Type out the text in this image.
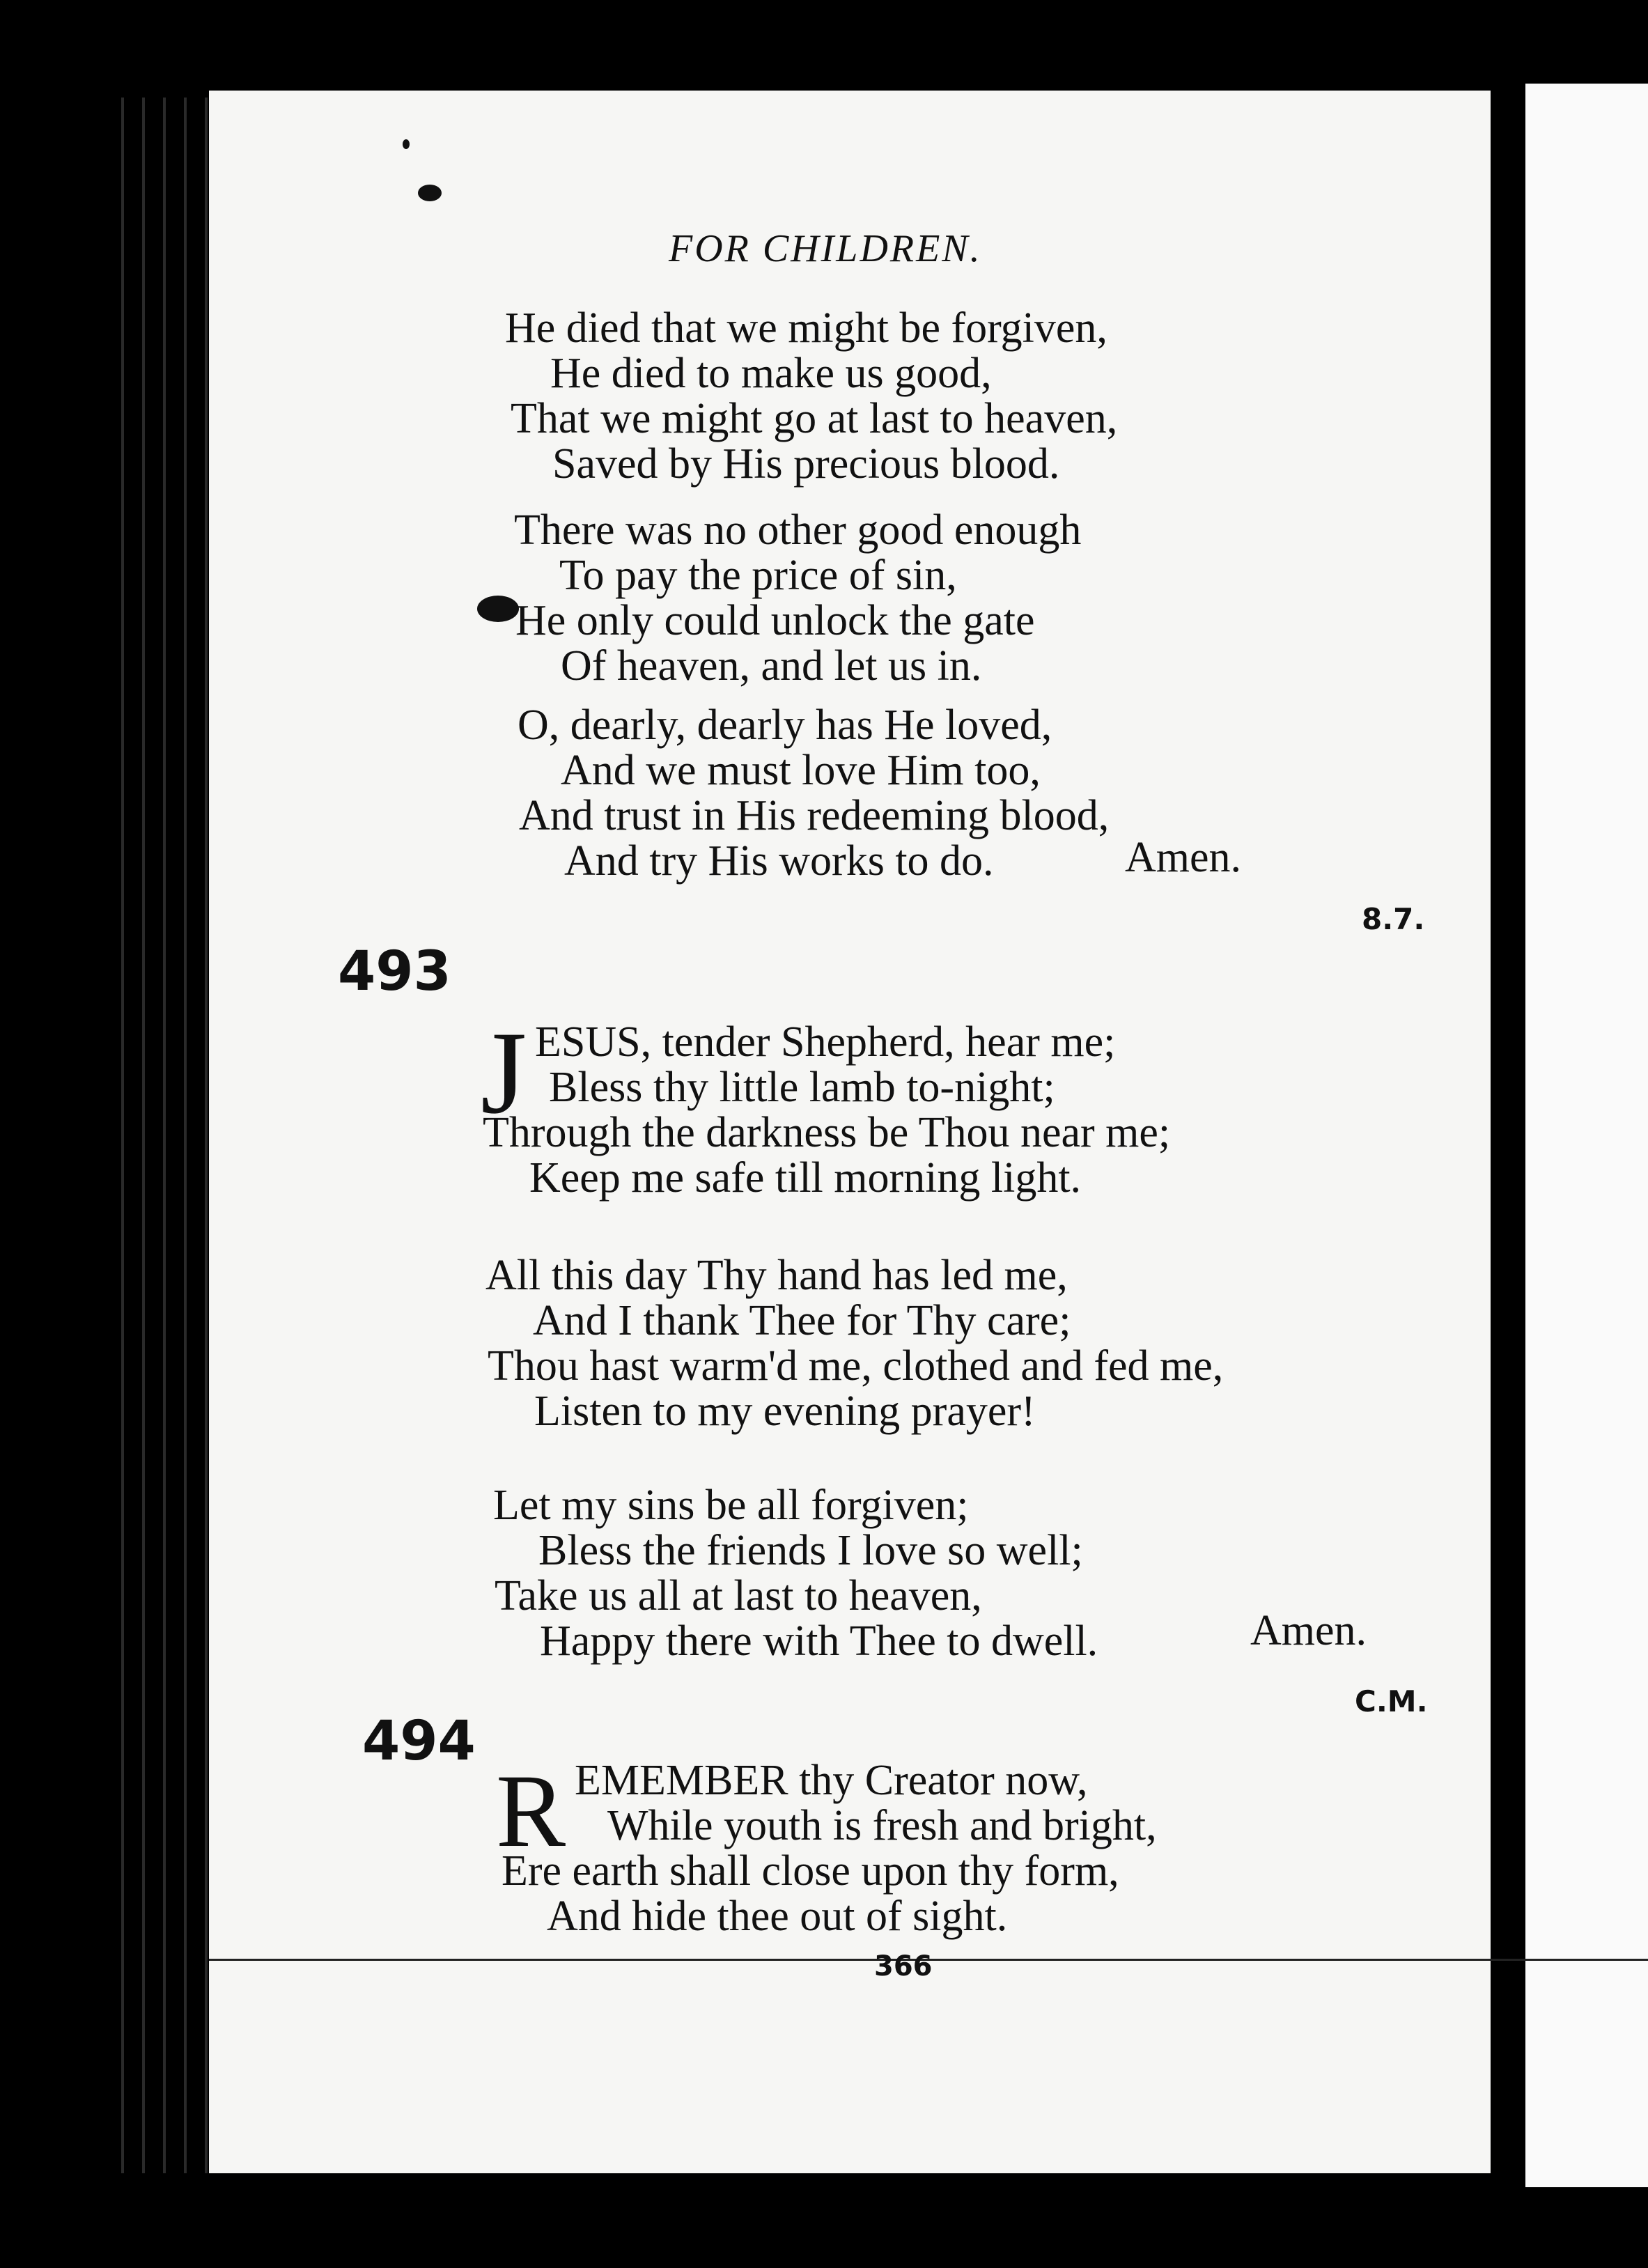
FOR CHILDREN.
He died that we might be forgiven,
He died to make us good,
That we might go at last to heaven,
Saved by His precious blood.
There was no other good enough
To pay the price of sin,
He only could unlock the gate
Of heaven, and let us in.
O, dearly, dearly has He loved,
And we must love Him too,
And trust in His redeeming blood,
And try His works to do.	Amen.
8.7.
493
J ESUS, tender Shepherd, hear me;
Bless thy little lamb to-night;
Through the darkness be Thou near me;
Keep me safe till morning light.
All this day Thy hand has led me,
And I thank Thee for Thy care;
Thou hast warm'd me, clothed and fed me,
Listen to my evening prayer!
Let my sins be all forgiven;
Bless the friends I love so well;
Take us all at last to heaven,
Happy there with Thee to dwell.	Amen.
C.M.
494
R EMEMBER thy Creator now,
While youth is fresh and bright,
Ere earth shall close upon thy form,
And hide thee out of sight.
366
